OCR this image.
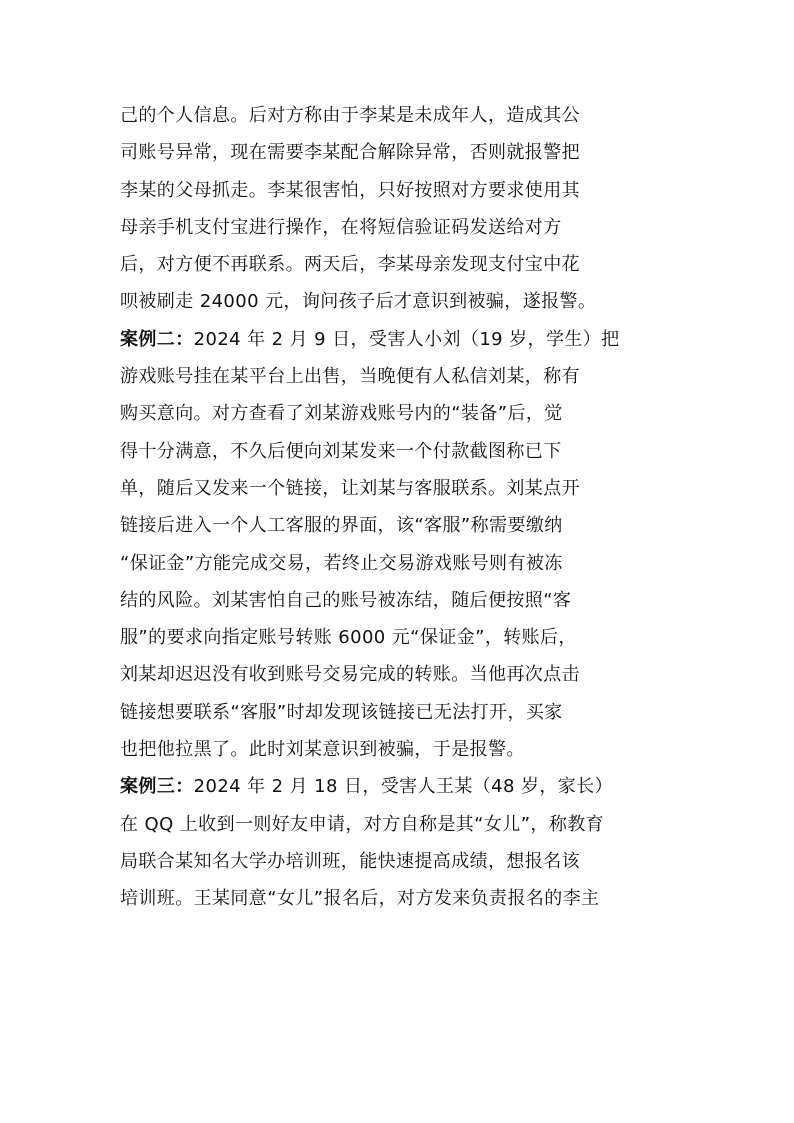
己的个人信息。后对方称由于李某是未成年人，造成其公
司账号异常，现在需要李某配合解除异常，否则就报警把
李某的父母抓走。李某很害怕，只好按照对方要求使用其
母亲手机支付宝进行操作，在将短信验证码发送给对方
后，对方便不再联系。两天后，李某母亲发现支付宝中花
呗被刷走 24000 元，询问孩子后才意识到被骗，遂报警。
案例二：2024 年 2 月 9 日，受害人小刘（19 岁，学生）把
游戏账号挂在某平台上出售，当晚便有人私信刘某，称有
购买意向。对方查看了刘某游戏账号内的“装备”后，觉
得十分满意，不久后便向刘某发来一个付款截图称已下
单，随后又发来一个链接，让刘某与客服联系。刘某点开
链接后进入一个人工客服的界面，该“客服”称需要缴纳
“保证金”方能完成交易，若终止交易游戏账号则有被冻
结的风险。刘某害怕自己的账号被冻结，随后便按照“客
服”的要求向指定账号转账 6000 元“保证金”，转账后，
刘某却迟迟没有收到账号交易完成的转账。当他再次点击
链接想要联系“客服”时却发现该链接已无法打开，买家
也把他拉黑了。此时刘某意识到被骗，于是报警。
案例三：2024 年 2 月 18 日，受害人王某（48 岁，家长）
在 QQ 上收到一则好友申请，对方自称是其“女儿”，称教育
局联合某知名大学办培训班，能快速提高成绩，想报名该
培训班。王某同意“女儿”报名后，对方发来负责报名的李主
